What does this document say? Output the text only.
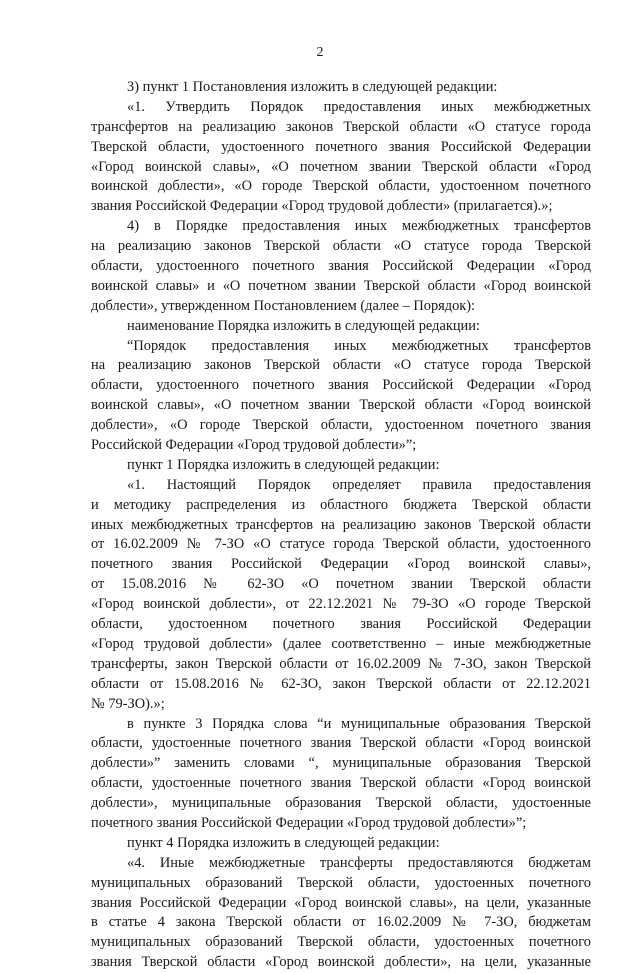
2
3) пункт 1 Постановления изложить в следующей редакции:
«1. Утвердить Порядок предоставления иных межбюджетных
трансфертов на реализацию законов Тверской области «О статусе города
Тверской области, удостоенного почетного звания Российской Федерации
«Город воинской славы», «О почетном звании Тверской области «Город
воинской доблести», «О городе Тверской области, удостоенном почетного
звания Российской Федерации «Город трудовой доблести» (прилагается).»;
4) в Порядке предоставления иных межбюджетных трансфертов
на реализацию законов Тверской области «О статусе города Тверской
области, удостоенного почетного звания Российской Федерации «Город
воинской славы» и «О почетном звании Тверской области «Город воинской
доблести», утвержденном Постановлением (далее – Порядок):
наименование Порядка изложить в следующей редакции:
“Порядок предоставления иных межбюджетных трансфертов
на реализацию законов Тверской области «О статусе города Тверской
области, удостоенного почетного звания Российской Федерации «Город
воинской славы», «О почетном звании Тверской области «Город воинской
доблести», «О городе Тверской области, удостоенном почетного звания
Российской Федерации «Город трудовой доблести»”;
пункт 1 Порядка изложить в следующей редакции:
«1. Настоящий Порядок определяет правила предоставления
и методику распределения из областного бюджета Тверской области
иных межбюджетных трансфертов на реализацию законов Тверской области
от 16.02.2009 № 7-ЗО «О статусе города Тверской области, удостоенного
почетного звания Российской Федерации «Город воинской славы»,
от 15.08.2016 № 62-ЗО «О почетном звании Тверской области
«Город воинской доблести», от 22.12.2021 № 79-ЗО «О городе Тверской
области, удостоенном почетного звания Российской Федерации
«Город трудовой доблести» (далее соответственно – иные межбюджетные
трансферты, закон Тверской области от 16.02.2009 № 7-ЗО, закон Тверской
области от 15.08.2016 № 62-ЗО, закон Тверской области от 22.12.2021
№ 79-ЗО).»;
в пункте 3 Порядка слова “и муниципальные образования Тверской
области, удостоенные почетного звания Тверской области «Город воинской
доблести»” заменить словами “, муниципальные образования Тверской
области, удостоенные почетного звания Тверской области «Город воинской
доблести», муниципальные образования Тверской области, удостоенные
почетного звания Российской Федерации «Город трудовой доблести»”;
пункт 4 Порядка изложить в следующей редакции:
«4. Иные межбюджетные трансферты предоставляются бюджетам
муниципальных образований Тверской области, удостоенных почетного
звания Российской Федерации «Город воинской славы», на цели, указанные
в статье 4 закона Тверской области от 16.02.2009 № 7-ЗО, бюджетам
муниципальных образований Тверской области, удостоенных почетного
звания Тверской области «Город воинской доблести», на цели, указанные
